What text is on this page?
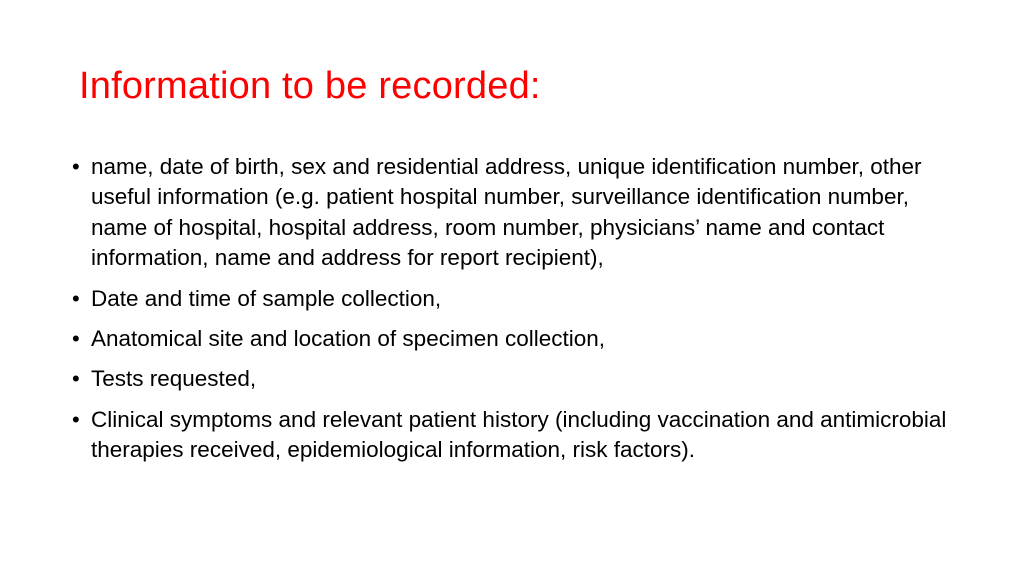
Information to be recorded:
• name, date of birth, sex and residential address, unique identification number, other useful information (e.g. patient hospital number, surveillance identification number, name of hospital, hospital address, room number, physicians’ name and contact information, name and address for report recipient),
• Date and time of sample collection,
• Anatomical site and location of specimen collection,
• Tests requested,
• Clinical symptoms and relevant patient history (including vaccination and antimicrobial therapies received, epidemiological information, risk factors).
